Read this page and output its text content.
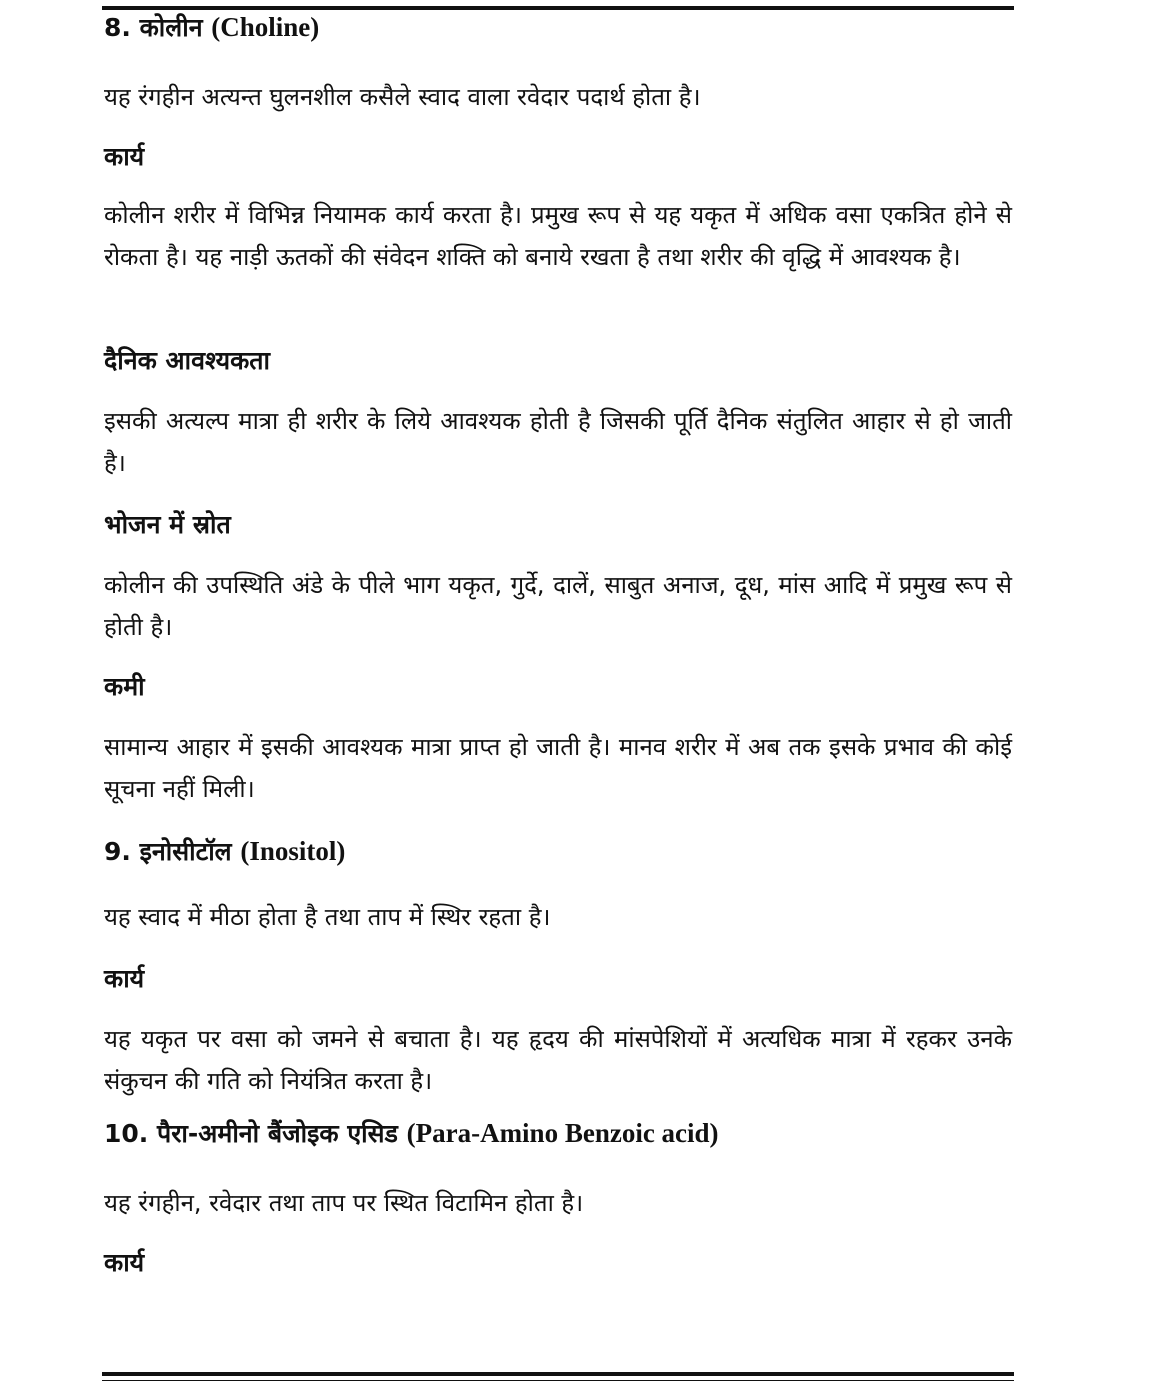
8. कोलीन (Choline)

यह रंगहीन अत्यन्त घुलनशील कसैले स्वाद वाला रवेदार पदार्थ होता है।

कार्य

कोलीन शरीर में विभिन्न नियामक कार्य करता है। प्रमुख रूप से यह यकृत में अधिक वसा एकत्रित होने से रोकता है। यह नाड़ी ऊतकों की संवेदन शक्ति को बनाये रखता है तथा शरीर की वृद्धि में आवश्यक है।

दैनिक आवश्यकता

इसकी अत्यल्प मात्रा ही शरीर के लिये आवश्यक होती है जिसकी पूर्ति दैनिक संतुलित आहार से हो जाती है।

भोजन में स्रोत

कोलीन की उपस्थिति अंडे के पीले भाग यकृत, गुर्दे, दालें, साबुत अनाज, दूध, मांस आदि में प्रमुख रूप से होती है।

कमी

सामान्य आहार में इसकी आवश्यक मात्रा प्राप्त हो जाती है। मानव शरीर में अब तक इसके प्रभाव की कोई सूचना नहीं मिली।

9. इनोसीटॉल (Inositol)

यह स्वाद में मीठा होता है तथा ताप में स्थिर रहता है।

कार्य

यह यकृत पर वसा को जमने से बचाता है। यह हृदय की मांसपेशियों में अत्यधिक मात्रा में रहकर उनके संकुचन की गति को नियंत्रित करता है।

10. पैरा-अमीनो बैंजोइक एसिड (Para-Amino Benzoic acid)

यह रंगहीन, रवेदार तथा ताप पर स्थित विटामिन होता है।

कार्य
